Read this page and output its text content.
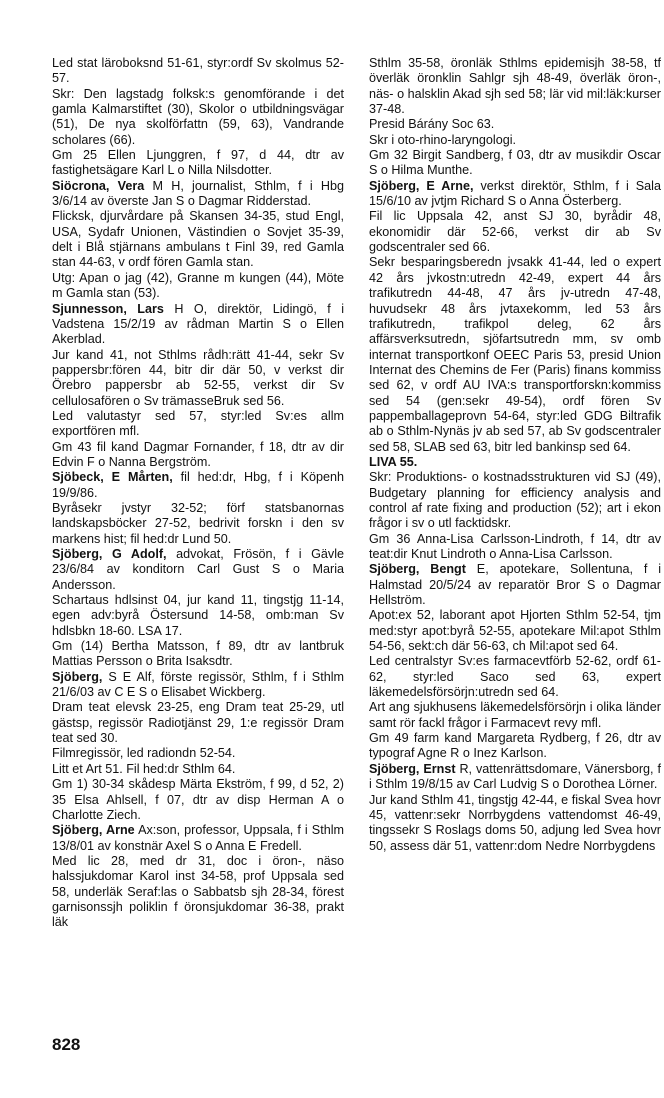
Led stat läroboksnd 51-61, styr:ordf Sv skolmus 52-57.

Skr: Den lagstadg folksk:s genomförande i det gamla Kalmarstiftet (30), Skolor o utbildningsvägar (51), De nya skolförfattn (59, 63), Vandrande scholares (66).

Gm 25 Ellen Ljunggren, f 97, d 44, dtr av fastighetsägare Karl L o Nilla Nilsdotter.

Siöcrona, Vera M H, journalist, Sthlm, f i Hbg 3/6/14 av överste Jan S o Dagmar Ridderstad.

Flicksk, djurvårdare på Skansen 34-35, stud Engl, USA, Sydafr Unionen, Västindien o Sovjet 35-39, delt i Blå stjärnans ambulans t Finl 39, red Gamla stan 44-63, v ordf fören Gamla stan.

Utg: Apan o jag (42), Granne m kungen (44), Möte m Gamla stan (53).

Sjunnesson, Lars H O, direktör, Lidingö, f i Vadstena 15/2/19 av rådman Martin S o Ellen Akerblad.

Jur kand 41, not Sthlms rådh:rätt 41-44, sekr Sv pappersbr:fören 44, bitr dir där 50, v verkst dir Örebro pappersbr ab 52-55, verkst dir Sv cellulosafören o Sv trämasseBruk sed 56.

Led valutastyr sed 57, styr:led Sv:es allm exportfören mfl.

Gm 43 fil kand Dagmar Fornander, f 18, dtr av dir Edvin F o Nanna Bergström.

Sjöbeck, E Mårten, fil hed:dr, Hbg, f i Köpenh 19/9/86.

Byråsekr jvstyr 32-52; förf statsbanornas landskapsböcker 27-52, bedrivit forskn i den sv markens hist; fil hed:dr Lund 50.

Sjöberg, G Adolf, advokat, Frösön, f i Gävle 23/6/84 av konditorn Carl Gust S o Maria Andersson.

Schartaus hdlsinst 04, jur kand 11, tingstjg 11-14, egen adv:byrå Östersund 14-58, omb:man Sv hdlsbkn 18-60. LSA 17.

Gm (14) Bertha Matsson, f 89, dtr av lantbruk Mattias Persson o Brita Isaksdtr.

Sjöberg, S E Alf, förste regissör, Sthlm, f i Sthlm 21/6/03 av C E S o Elisabet Wickberg.

Dram teat elevsk 23-25, eng Dram teat 25-29, utl gästsp, regissör Radiotjänst 29, 1:e regissör Dram teat sed 30.

Filmregissör, led radiondn 52-54.

Litt et Art 51. Fil hed:dr Sthlm 64.

Gm 1) 30-34 skådesp Märta Ekström, f 99, d 52, 2) 35 Elsa Ahlsell, f 07, dtr av disp Herman A o Charlotte Ziech.

Sjöberg, Arne Ax:son, professor, Uppsala, f i Sthlm 13/8/01 av konstnär Axel S o Anna E Fredell.

Med lic 28, med dr 31, doc i öron-, näso halssjukdomar Karol inst 34-58, prof Uppsala sed 58, underläk Seraf:las o Sabbatsb sjh 28-34, förest garnisonssjh poliklin f öronsjukdomar 36-38, prakt läk

Sthlm 35-58, öronläk Sthlms epidemisjh 38-58, tf överläk öronklin Sahlgr sjh 48-49, överläk öron-, näs- o halsklin Akad sjh sed 58; lär vid mil:läk:kurser 37-48.

Presid Bárány Soc 63.

Skr i oto-rhino-laryngologi.

Gm 32 Birgit Sandberg, f 03, dtr av musikdir Oscar S o Hilma Munthe.

Sjöberg, E Arne, verkst direktör, Sthlm, f i Sala 15/6/10 av jvtjm Richard S o Anna Österberg.

Fil lic Uppsala 42, anst SJ 30, byrådir 48, ekonomidir där 52-66, verkst dir ab Sv godscentraler sed 66.

Sekr besparingsberedn jvsakk 41-44, led o expert 42 års jvkostn:utredn 42-49, expert 44 års trafikutredn 44-48, 47 års jv-utredn 47-48, huvudsekr 48 års jvtaxekomm, led 53 års trafikutredn, trafikpol deleg, 62 års affärsverksutredn, sjöfartsutredn mm, sv omb internat transportkonf OEEC Paris 53, presid Union Internat des Chemins de Fer (Paris) finans kommiss sed 62, v ordf AU IVA:s transportforskn:kommiss sed 54 (gen:sekr 49-54), ordf fören Sv pappemballageprovn 54-64, styr:led GDG Biltrafik ab o Sthlm-Nynäs jv ab sed 57, ab Sv godscentraler sed 58, SLAB sed 63, bitr led bankinsp sed 64.

LIVA 55.

Skr: Produktions- o kostnadsstrukturen vid SJ (49), Budgetary planning for efficiency analysis and control af rate fixing and production (52); art i ekon frågor i sv o utl facktidskr.

Gm 36 Anna-Lisa Carlsson-Lindroth, f 14, dtr av teat:dir Knut Lindroth o Anna-Lisa Carlsson.

Sjöberg, Bengt E, apotekare, Sollentuna, f i Halmstad 20/5/24 av reparatör Bror S o Dagmar Hellström.

Apot:ex 52, laborant apot Hjorten Sthlm 52-54, tjm med:styr apot:byrå 52-55, apotekare Mil:apot Sthlm 54-56, sekt:ch där 56-63, ch Mil:apot sed 64.

Led centralstyr Sv:es farmacevtförb 52-62, ordf 61-62, styr:led Saco sed 63, expert läkemedelsförsörjn:utredn sed 64.

Art ang sjukhusens läkemedelsförsörjn i olika länder samt rör fackl frågor i Farmacevt revy mfl.

Gm 49 farm kand Margareta Rydberg, f 26, dtr av typograf Agne R o Inez Karlson.

Sjöberg, Ernst R, vattenrättsdomare, Vänersborg, f i Sthlm 19/8/15 av Carl Ludvig S o Dorothea Lörner.

Jur kand Sthlm 41, tingstjg 42-44, e fiskal Svea hovr 45, vattenr:sekr Norrbygdens vattendomst 46-49, tingssekr S Roslags doms 50, adjung led Svea hovr 50, assess där 51, vattenr:dom Nedre Norrbygdens

828
